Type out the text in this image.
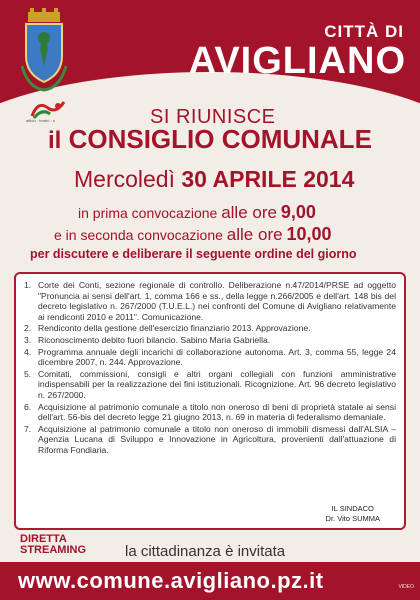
CITTÀ DI
AVIGLIANO
affido · teatro · s	SI RIUNISCE
il CONSIGLIO COMUNALE
Mercoledì 30 APRILE 2014
in prima convocazione alle ore 9,00
e in seconda convocazione alle ore 10,00
per discutere e deliberare il seguente ordine del giorno
1. Corte dei Conti, sezione regionale di controllo. Deliberazione n.47/2014/PRSE ad oggetto "Pronuncia ai sensi dell'art. 1, comma 166 e ss., della legge n.266/2005 e dell'art. 148 bis del decreto legislativo n. 267/2000 (T.U.E.L.) nei confronti del Comune di Avigliano relativamente ai rendiconti 2010 e 2011". Comunicazione.
2. Rendiconto della gestione dell'esercizio finanziario 2013. Approvazione.
3. Riconoscimento debito fuori bilancio. Sabino Maria Gabriella.
4. Programma annuale degli incarichi di collaborazione autonoma. Art. 3, comma 55, legge 24 dicembre 2007, n. 244. Approvazione.
5. Comitati, commissioni, consigli e altri organi collegiali con funzioni amministrative indispensabili per la realizzazione dei fini istituzionali. Ricognizione. Art. 96 decreto legislativo n. 267/2000.
6. Acquisizione al patrimonio comunale a titolo non oneroso di beni di proprietà statale ai sensi dell'art. 56-bis del decreto legge 21 giugno 2013, n. 69 in materia di federalismo demaniale.
7. Acquisizione al patrimonio comunale a titolo non oneroso di immobili dismessi dall'ALSIA – Agenzia Lucana di Sviluppo e Innovazione in Agricoltura, provenienti dall'attuazione di Riforma Fondiaria.
IL SINDACO
Dr. Vito SUMMA
DIRETTA
STREAMING	la cittadinanza è invitata
www.comune.avigliano.pz.it	VIDEO
